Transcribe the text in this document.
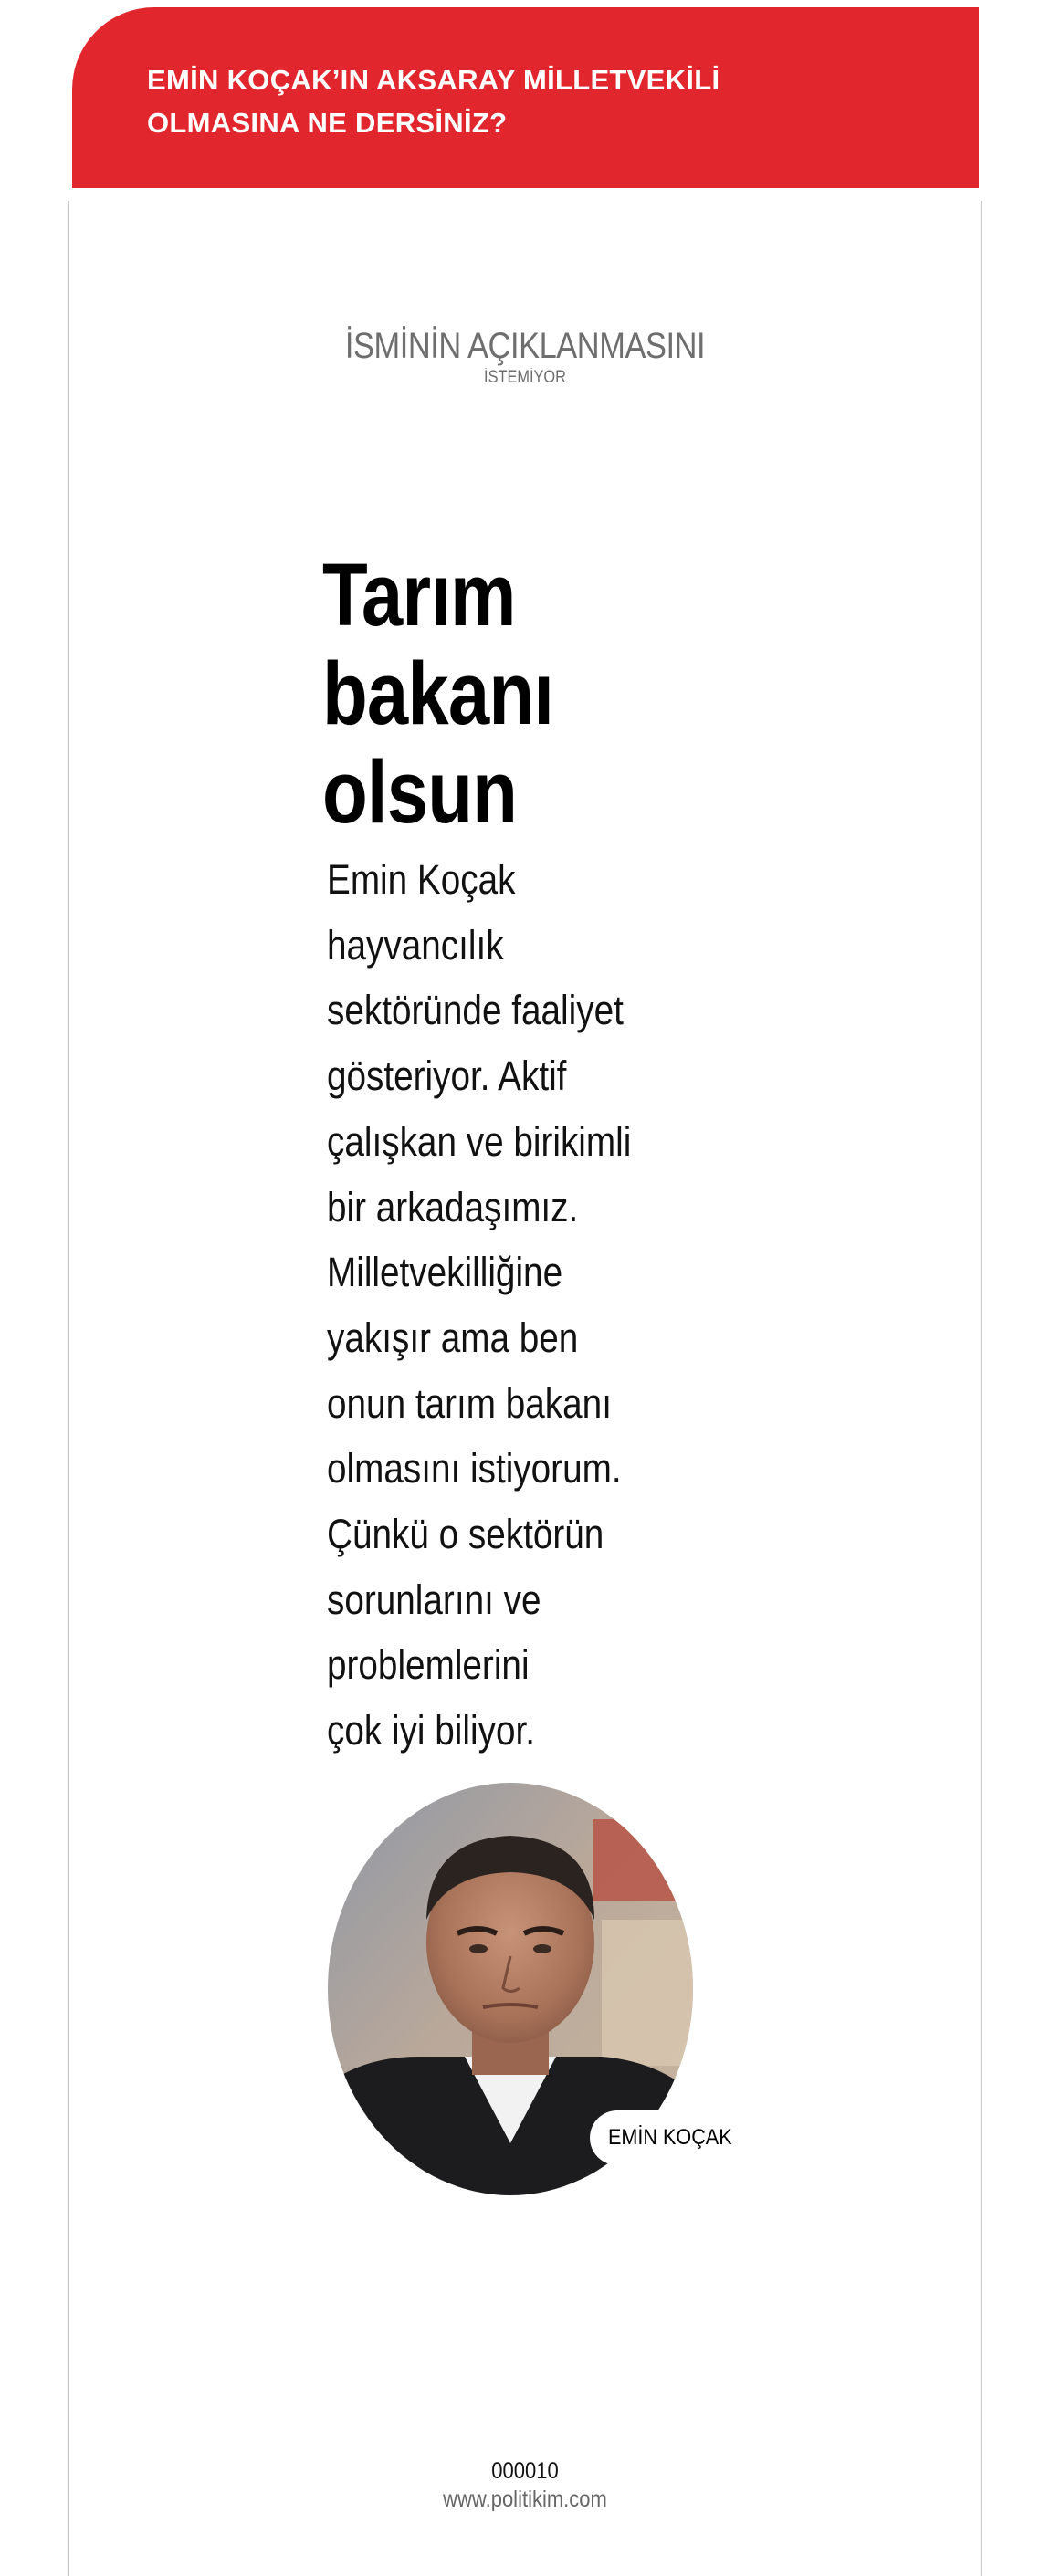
EMİN KOÇAK’IN AKSARAY MİLLETVEKİLİ
OLMASINA NE DERSİNİZ?
İSMİNİN AÇIKLANMASINI
İSTEMİYOR
Tarım
bakanı
olsun
Emin Koçak
hayvancılık
sektöründe faaliyet
gösteriyor. Aktif
çalışkan ve birikimli
bir arkadaşımız.
Milletvekilliğine
yakışır ama ben
onun tarım bakanı
olmasını istiyorum.
Çünkü o sektörün
sorunlarını ve
problemlerini
çok iyi biliyor.
EMİN KOÇAK
000010
www.politikim.com
